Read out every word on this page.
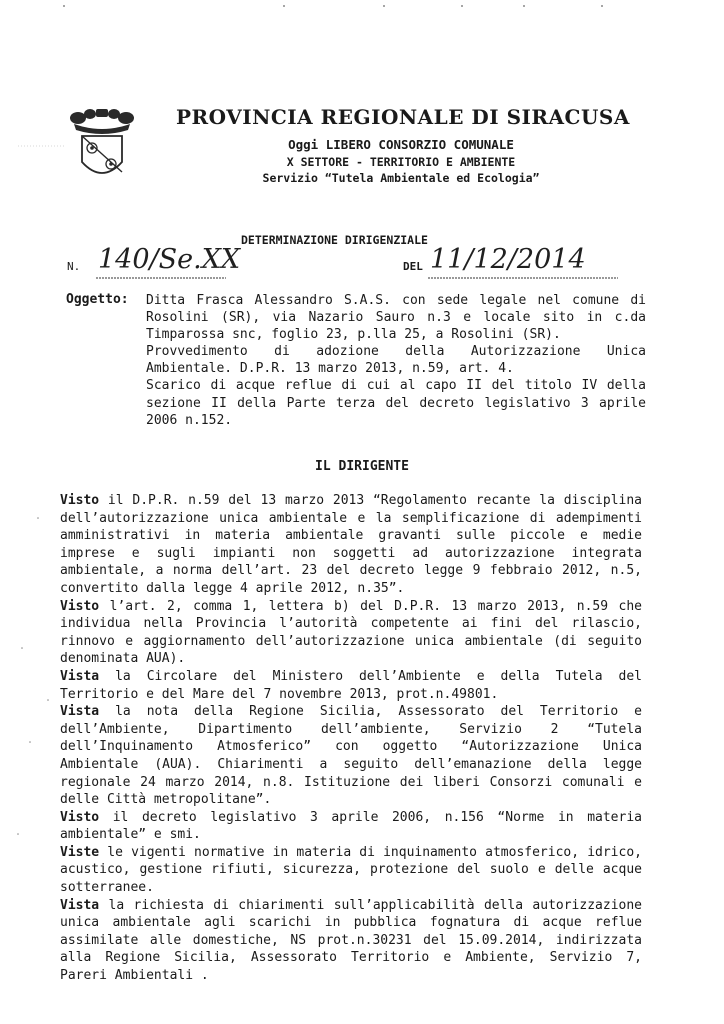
PROVINCIA REGIONALE DI SIRACUSA
Oggi LIBERO CONSORZIO COMUNALE
X SETTORE - TERRITORIO E AMBIENTE
Servizio “Tutela Ambientale ed Ecologia”
DETERMINAZIONE DIRIGENZIALE
N. 140/Se.XX	DEL 11/12/2014
Oggetto: Ditta Frasca Alessandro S.A.S. con sede legale nel comune di Rosolini (SR), via Nazario Sauro n.3 e locale sito in c.da Timparossa snc, foglio 23, p.lla 25, a Rosolini (SR).

Provvedimento di adozione della Autorizzazione Unica Ambientale. D.P.R. 13 marzo 2013, n.59, art. 4.

Scarico di acque reflue di cui al capo II del titolo IV della sezione II della Parte terza del decreto legislativo 3 aprile 2006 n.152.

IL DIRIGENTE

Visto il D.P.R. n.59 del 13 marzo 2013 “Regolamento recante la disciplina dell’autorizzazione unica ambientale e la semplificazione di adempimenti amministrativi in materia ambientale gravanti sulle piccole e medie imprese e sugli impianti non soggetti ad autorizzazione integrata ambientale, a norma dell’art. 23 del decreto legge 9 febbraio 2012, n.5, convertito dalla legge 4 aprile 2012, n.35”.

Visto l’art. 2, comma 1, lettera b) del D.P.R. 13 marzo 2013, n.59 che individua nella Provincia l’autorità competente ai fini del rilascio, rinnovo e aggiornamento dell’autorizzazione unica ambientale (di seguito denominata AUA).

Vista la Circolare del Ministero dell’Ambiente e della Tutela del Territorio e del Mare del 7 novembre 2013, prot.n.49801.

Vista la nota della Regione Sicilia, Assessorato del Territorio e dell’Ambiente, Dipartimento dell’ambiente, Servizio 2 “Tutela dell’Inquinamento Atmosferico” con oggetto “Autorizzazione Unica Ambientale (AUA). Chiarimenti a seguito dell’emanazione della legge regionale 24 marzo 2014, n.8. Istituzione dei liberi Consorzi comunali e delle Città metropolitane”.

Visto il decreto legislativo 3 aprile 2006, n.156 “Norme in materia ambientale” e smi.

Viste le vigenti normative in materia di inquinamento atmosferico, idrico, acustico, gestione rifiuti, sicurezza, protezione del suolo e delle acque sotterranee.

Vista la richiesta di chiarimenti sull’applicabilità della autorizzazione unica ambientale agli scarichi in pubblica fognatura di acque reflue assimilate alle domestiche, NS prot.n.30231 del 15.09.2014, indirizzata alla Regione Sicilia, Assessorato Territorio e Ambiente, Servizio 7, Pareri Ambientali .
